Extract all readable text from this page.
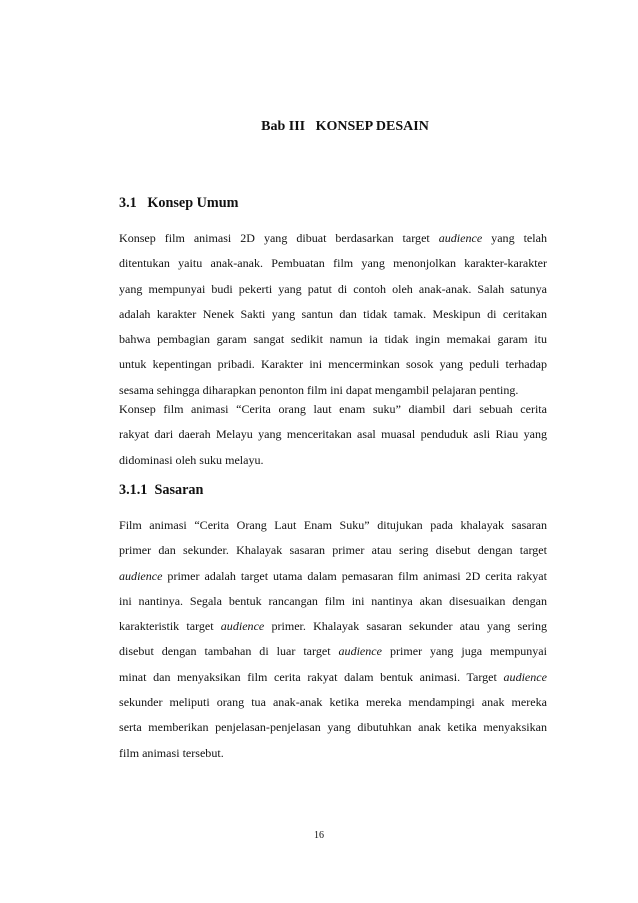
Bab III   KONSEP DESAIN
3.1   Konsep Umum
Konsep film animasi 2D yang dibuat berdasarkan target audience yang telah
ditentukan yaitu anak-anak. Pembuatan film yang menonjolkan karakter-karakter
yang mempunyai budi pekerti yang patut di contoh oleh anak-anak. Salah satunya
adalah karakter Nenek Sakti yang santun dan tidak tamak. Meskipun di ceritakan
bahwa pembagian garam sangat sedikit namun ia tidak ingin memakai garam itu
untuk kepentingan pribadi. Karakter ini mencerminkan sosok yang peduli terhadap
sesama sehingga diharapkan penonton film ini dapat mengambil pelajaran penting.
Konsep film animasi “Cerita orang laut enam suku” diambil dari sebuah cerita
rakyat dari daerah Melayu yang menceritakan asal muasal penduduk asli Riau yang
didominasi oleh suku melayu.
3.1.1  Sasaran
Film animasi “Cerita Orang Laut Enam Suku” ditujukan pada khalayak sasaran
primer dan sekunder. Khalayak sasaran primer atau sering disebut dengan target
audience primer adalah target utama dalam pemasaran film animasi 2D cerita rakyat
ini nantinya. Segala bentuk rancangan film ini nantinya akan disesuaikan dengan
karakteristik target audience primer. Khalayak sasaran sekunder atau yang sering
disebut dengan tambahan di luar target audience primer yang juga mempunyai
minat dan menyaksikan film cerita rakyat dalam bentuk animasi. Target audience
sekunder meliputi orang tua anak-anak ketika mereka mendampingi anak mereka
serta memberikan penjelasan-penjelasan yang dibutuhkan anak ketika menyaksikan
film animasi tersebut.
16
